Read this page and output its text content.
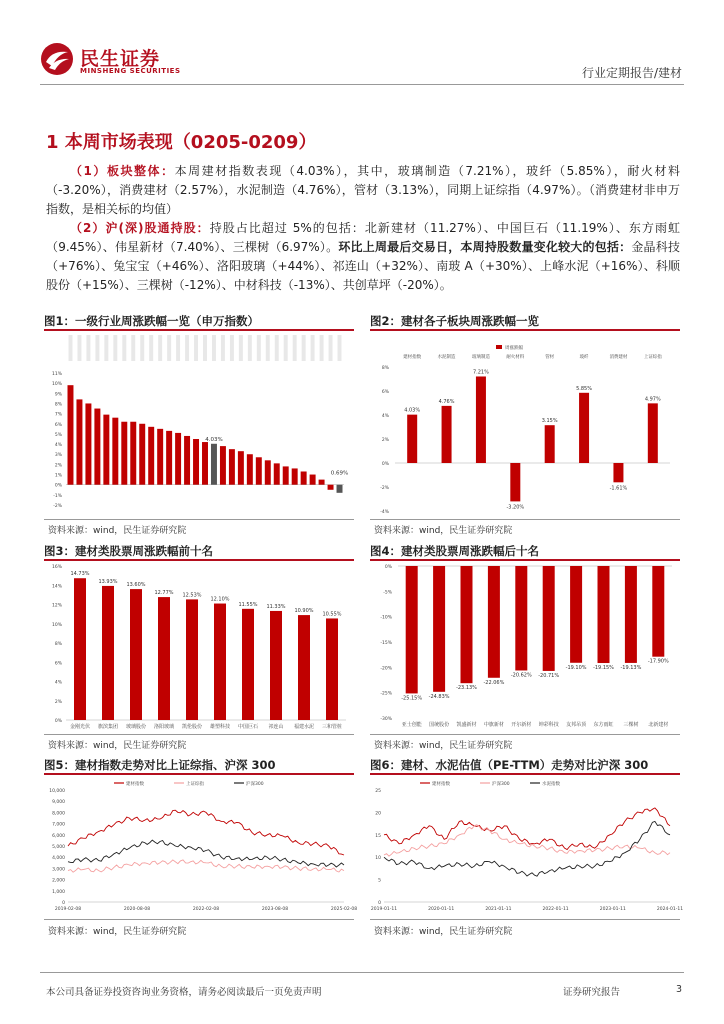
民生证券
MINSHENG SECURITIES	行业定期报告/建材
1 本周市场表现（0205-0209）
（1）板块整体：本周建材指数表现（4.03%），其中，玻璃制造（7.21%），玻纤（5.85%），耐火材料（-3.20%），消费建材（2.57%），水泥制造（4.76%），管材（3.13%），同期上证综指（4.97%）。（消费建材非申万指数，是相关标的均值）
（2）沪(深)股通持股：持股占比超过 5%的包括：北新建材（11.27%）、中国巨石（11.19%）、东方雨虹（9.45%）、伟星新材（7.40%）、三棵树（6.97%）。环比上周最后交易日，本周持股数量变化较大的包括：金晶科技（+76%）、兔宝宝（+46%）、洛阳玻璃（+44%）、祁连山（+32%）、南玻 A（+30%）、上峰水泥（+16%）、科顺股份（+15%）、三棵树（-12%）、中材科技（-13%）、共创草坪（-20%）。
图1：一级行业周涨跌幅一览（申万指数）	图2：建材各子板块周涨跌幅一览
图3：建材类股票周涨跌幅前十名	图4：建材类股票周涨跌幅后十名
图5：建材指数走势对比上证综指、沪深 300	图6：建材、水泥估值（PE-TTM）走势对比沪深 300
-2%
-1%
0%
1%
2%
3%
4%
5%
6%
7%
8%
9%
10%
11%
4.03%
0.69%
-4%
-2%
0%
2%
4%
6%
8%
周涨跌幅
4.03%
建材指数
4.76%
水泥制造
7.21%
玻璃制造
-3.20%
耐火材料
3.15%
管材
5.85%
玻纤
-1.61%
消费建材
4.97%
上证综指
0%
2%
4%
6%
8%
10%
12%
14%
16%
14.73%
金刚光伏
13.93%
旗滨集团
13.60%
玻璃股份
12.77%
洛阳玻璃
12.53%
凯伦股份
12.10%
雄塑科技
11.55%
中国巨石
11.33%
祁连山
10.90%
福建水泥
10.55%
三和管桩
0%
-5%
-10%
-15%
-20%
-25%
-30%
-25.15%
亚士创能
-24.83%
国统股份
-23.13%
凯盛新材
-22.06%
中旗新材
-20.62%
开尔新材
-20.71%
坤彩科技
-19.10%
友邦吊顶
-19.15%
东方雨虹
-19.13%
三棵树
-17.90%
北新建材
0
1,000
2,000
3,000
4,000
5,000
6,000
7,000
8,000
9,000
10,000
2019-02-08	2020-08-08	2022-02-08	2023-08-08	2025-02-08
建材指数	上证综指	沪深300
0
5
10
15
20
25
2019-01-11	2020-01-11	2021-01-11	2022-01-11	2023-01-11	2024-01-11
建材指数	沪深300	水泥指数
资料来源：wind，民生证券研究院	资料来源：wind，民生证券研究院
资料来源：wind，民生证券研究院	资料来源：wind，民生证券研究院
资料来源：wind，民生证券研究院	资料来源：wind，民生证券研究院
本公司具备证券投资咨询业务资格，请务必阅读最后一页免责声明	证券研究报告	3
